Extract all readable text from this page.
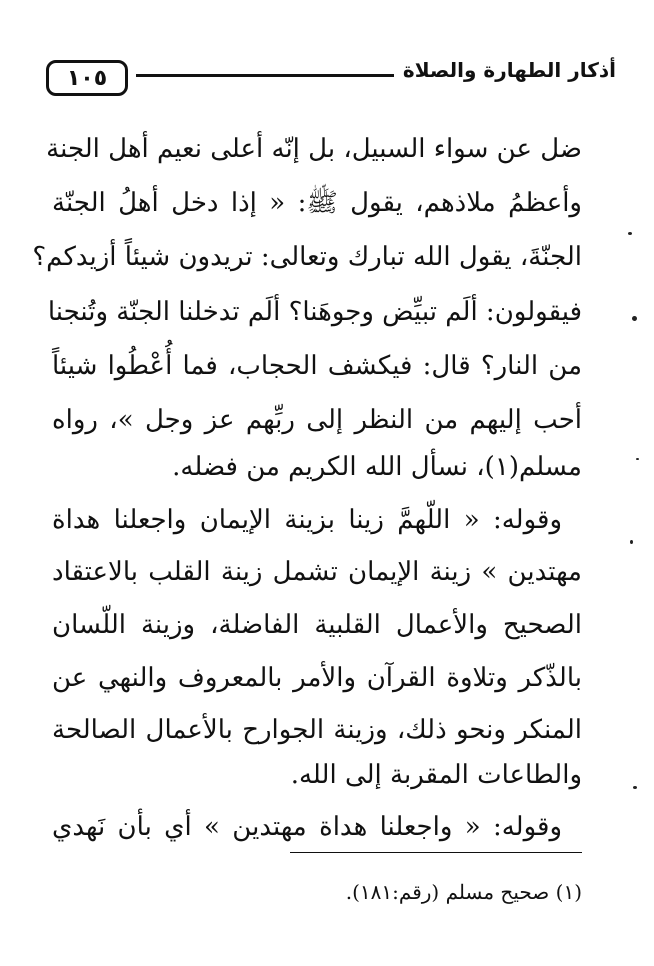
١٠٥	أذكار الطهارة والصلاة
ضل عن سواء السبيل، بل إنّه أعلى نعيم أهل الجنة
وأعظمُ ملاذهم، يقول ﷺ: « إذا دخل أهلُ الجنّة
الجنّةَ، يقول الله تبارك وتعالى: تريدون شيئاً أزيدكم؟
فيقولون: ألَم تبيِّض وجوهَنا؟ ألَم تدخلنا الجنّة وتُنجنا
من النار؟ قال: فيكشف الحجاب، فما أُعْطُوا شيئاً
أحب إليهم من النظر إلى ربِّهم عز وجل »، رواه
مسلم(١)، نسأل الله الكريم من فضله.
وقوله: « اللّهمَّ زينا بزينة الإيمان واجعلنا هداة
مهتدين » زينة الإيمان تشمل زينة القلب بالاعتقاد
الصحيح والأعمال القلبية الفاضلة، وزينة اللّسان
بالذّكر وتلاوة القرآن والأمر بالمعروف والنهي عن
المنكر ونحو ذلك، وزينة الجوارح بالأعمال الصالحة
والطاعات المقربة إلى الله.
وقوله: « واجعلنا هداة مهتدين » أي بأن نَهدي
(١) صحيح مسلم (رقم:١٨١).
